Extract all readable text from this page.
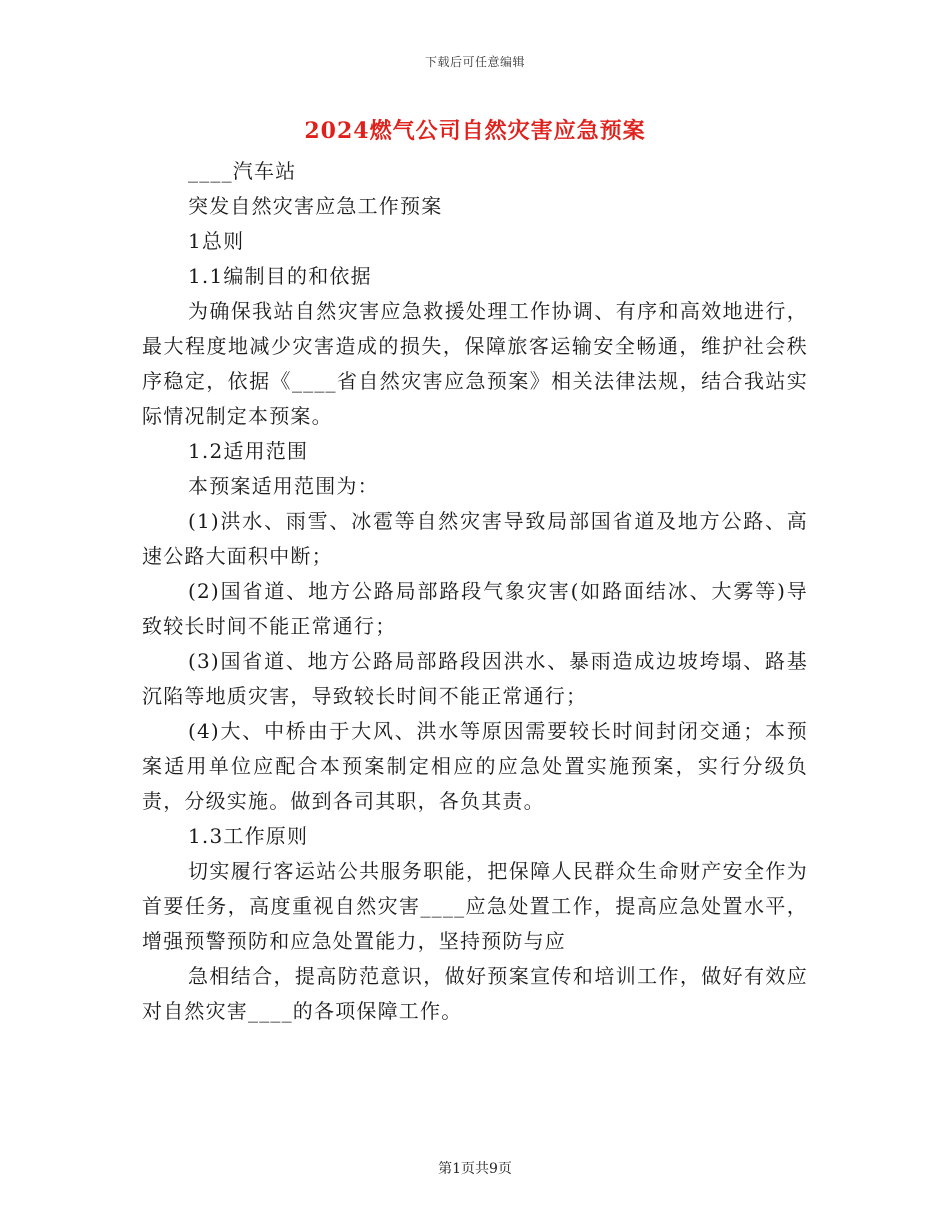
下载后可任意编辑
2024燃气公司自然灾害应急预案

____汽车站

突发自然灾害应急工作预案

1总则

1.1编制目的和依据

为确保我站自然灾害应急救援处理工作协调、有序和高效地进行，最大程度地减少灾害造成的损失，保障旅客运输安全畅通，维护社会秩序稳定，依据《____省自然灾害应急预案》相关法律法规，结合我站实际情况制定本预案。

1.2适用范围

本预案适用范围为：

(1)洪水、雨雪、冰雹等自然灾害导致局部国省道及地方公路、高速公路大面积中断；

(2)国省道、地方公路局部路段气象灾害(如路面结冰、大雾等)导致较长时间不能正常通行；

(3)国省道、地方公路局部路段因洪水、暴雨造成边坡垮塌、路基沉陷等地质灾害，导致较长时间不能正常通行；

(4)大、中桥由于大风、洪水等原因需要较长时间封闭交通；本预案适用单位应配合本预案制定相应的应急处置实施预案，实行分级负责，分级实施。做到各司其职，各负其责。

1.3工作原则

切实履行客运站公共服务职能，把保障人民群众生命财产安全作为首要任务，高度重视自然灾害____应急处置工作，提高应急处置水平，增强预警预防和应急处置能力，坚持预防与应

急相结合，提高防范意识，做好预案宣传和培训工作，做好有效应对自然灾害____的各项保障工作。

第1页共9页
